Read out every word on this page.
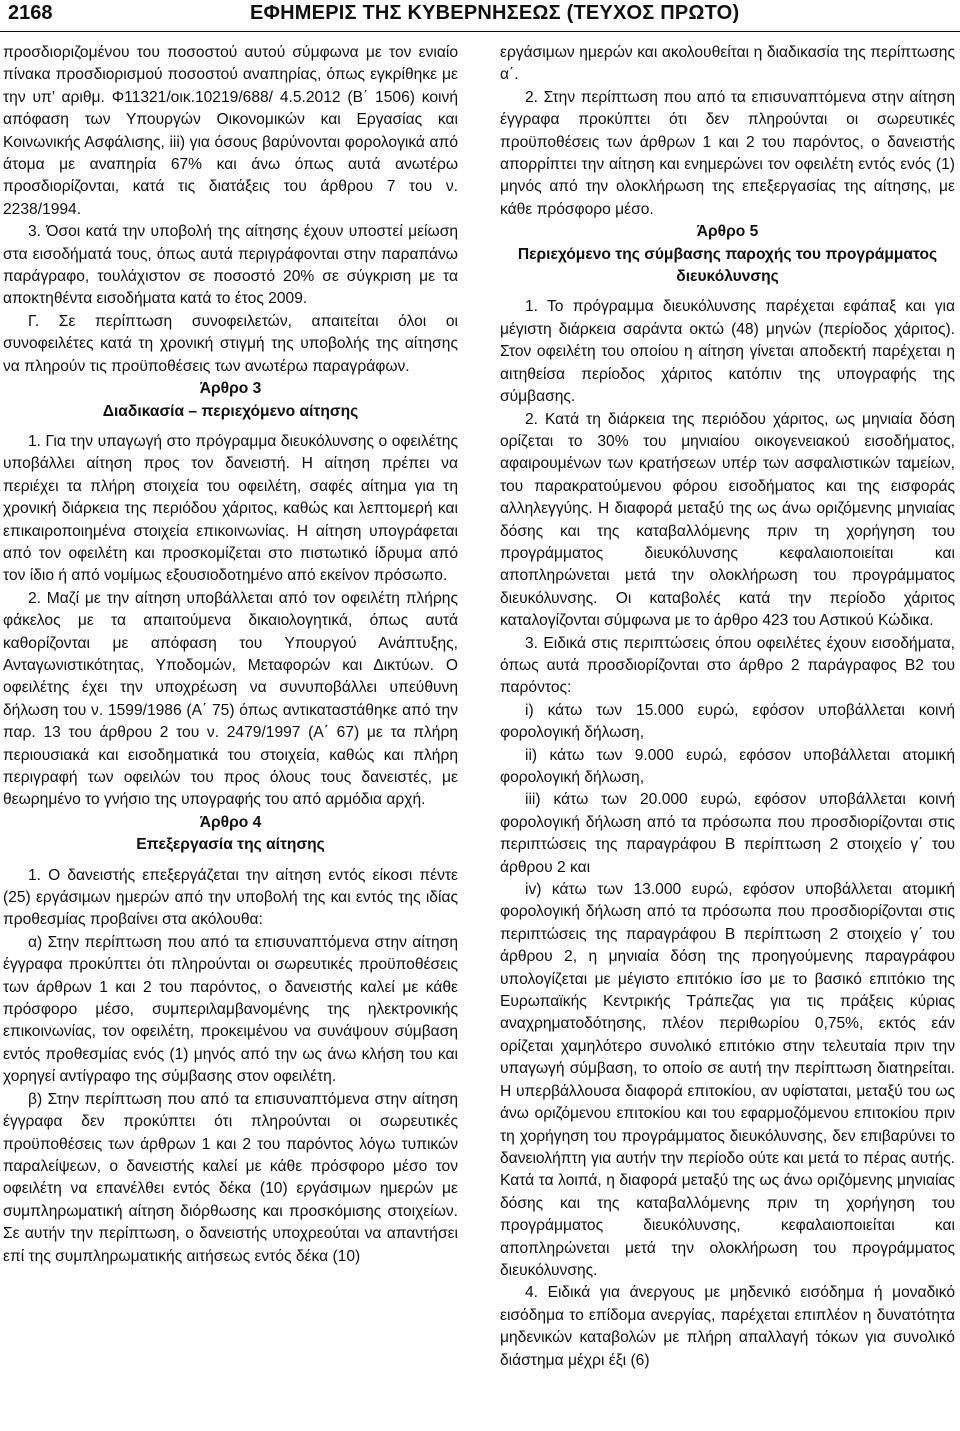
2168	ΕΦΗΜΕΡΙΣ ΤΗΣ ΚΥΒΕΡΝΗΣΕΩΣ (ΤΕΥΧΟΣ ΠΡΩΤΟ)

προσδιοριζομένου του ποσοστού αυτού σύμφωνα με τον ενιαίο πίνακα προσδιορισμού ποσοστού αναπηρίας, όπως εγκρίθηκε με την υπ’ αριθμ. Φ11321/οικ.10219/688/ 4.5.2012 (Β΄ 1506) κοινή απόφαση των Υπουργών Οικονομικών και Εργασίας και Κοινωνικής Ασφάλισης, iii) για όσους βαρύνονται φορολογικά από άτομα με αναπηρία 67% και άνω όπως αυτά ανωτέρω προσδιορίζονται, κατά τις διατάξεις του άρθρου 7 του ν. 2238/1994.

3. Όσοι κατά την υποβολή της αίτησης έχουν υποστεί μείωση στα εισοδήματά τους, όπως αυτά περιγράφονται στην παραπάνω παράγραφο, τουλάχιστον σε ποσοστό 20% σε σύγκριση με τα αποκτηθέντα εισοδήματα κατά το έτος 2009.

Γ. Σε περίπτωση συνοφειλετών, απαιτείται όλοι οι συνοφειλέτες κατά τη χρονική στιγμή της υποβολής της αίτησης να πληρούν τις προϋποθέσεις των ανωτέρω παραγράφων.

Άρθρο 3

Διαδικασία – περιεχόμενο αίτησης

1. Για την υπαγωγή στο πρόγραμμα διευκόλυνσης ο οφειλέτης υποβάλλει αίτηση προς τον δανειστή. Η αίτηση πρέπει να περιέχει τα πλήρη στοιχεία του οφειλέτη, σαφές αίτημα για τη χρονική διάρκεια της περιόδου χάριτος, καθώς και λεπτομερή και επικαιροποιημένα στοιχεία επικοινωνίας. Η αίτηση υπογράφεται από τον οφειλέτη και προσκομίζεται στο πιστωτικό ίδρυμα από τον ίδιο ή από νομίμως εξουσιοδοτημένο από εκείνον πρόσωπο.

2. Μαζί με την αίτηση υποβάλλεται από τον οφειλέτη πλήρης φάκελος με τα απαιτούμενα δικαιολογητικά, όπως αυτά καθορίζονται με απόφαση του Υπουργού Ανάπτυξης, Ανταγωνιστικότητας, Υποδομών, Μεταφορών και Δικτύων. Ο οφειλέτης έχει την υποχρέωση να συνυποβάλλει υπεύθυνη δήλωση του ν. 1599/1986 (Α΄ 75) όπως αντικαταστάθηκε από την παρ. 13 του άρθρου 2 του ν. 2479/1997 (Α΄ 67) με τα πλήρη περιουσιακά και εισοδηματικά του στοιχεία, καθώς και πλήρη περιγραφή των οφειλών του προς όλους τους δανειστές, με θεωρημένο το γνήσιο της υπογραφής του από αρμόδια αρχή.

Άρθρο 4

Επεξεργασία της αίτησης

1. Ο δανειστής επεξεργάζεται την αίτηση εντός είκοσι πέντε (25) εργάσιμων ημερών από την υποβολή της και εντός της ιδίας προθεσμίας προβαίνει στα ακόλουθα:

α) Στην περίπτωση που από τα επισυναπτόμενα στην αίτηση έγγραφα προκύπτει ότι πληρούνται οι σωρευτικές προϋποθέσεις των άρθρων 1 και 2 του παρόντος, ο δανειστής καλεί με κάθε πρόσφορο μέσο, συμπεριλαμβανομένης της ηλεκτρονικής επικοινωνίας, τον οφειλέτη, προκειμένου να συνάψουν σύμβαση εντός προθεσμίας ενός (1) μηνός από την ως άνω κλήση του και χορηγεί αντίγραφο της σύμβασης στον οφειλέτη.

β) Στην περίπτωση που από τα επισυναπτόμενα στην αίτηση έγγραφα δεν προκύπτει ότι πληρούνται οι σωρευτικές προϋποθέσεις των άρθρων 1 και 2 του παρόντος λόγω τυπικών παραλείψεων, ο δανειστής καλεί με κάθε πρόσφορο μέσο τον οφειλέτη να επανέλθει εντός δέκα (10) εργάσιμων ημερών με συμπληρωματική αίτηση διόρθωσης και προσκόμισης στοιχείων. Σε αυτήν την περίπτωση, ο δανειστής υποχρεούται να απαντήσει επί της συμπληρωματικής αιτήσεως εντός δέκα (10)

εργάσιμων ημερών και ακολουθείται η διαδικασία της περίπτωσης α΄.

2. Στην περίπτωση που από τα επισυναπτόμενα στην αίτηση έγγραφα προκύπτει ότι δεν πληρούνται οι σωρευτικές προϋποθέσεις των άρθρων 1 και 2 του παρόντος, ο δανειστής απορρίπτει την αίτηση και ενημερώνει τον οφειλέτη εντός ενός (1) μηνός από την ολοκλήρωση της επεξεργασίας της αίτησης, με κάθε πρόσφορο μέσο.

Άρθρο 5

Περιεχόμενο της σύμβασης παροχής του προγράμματος διευκόλυνσης

1. Το πρόγραμμα διευκόλυνσης παρέχεται εφάπαξ και για μέγιστη διάρκεια σαράντα οκτώ (48) μηνών (περίοδος χάριτος). Στον οφειλέτη του οποίου η αίτηση γίνεται αποδεκτή παρέχεται η αιτηθείσα περίοδος χάριτος κατόπιν της υπογραφής της σύμβασης.

2. Κατά τη διάρκεια της περιόδου χάριτος, ως μηνιαία δόση ορίζεται το 30% του μηνιαίου οικογενειακού εισοδήματος, αφαιρουμένων των κρατήσεων υπέρ των ασφαλιστικών ταμείων, του παρακρατούμενου φόρου εισοδήματος και της εισφοράς αλληλεγγύης. Η διαφορά μεταξύ της ως άνω οριζόμενης μηνιαίας δόσης και της καταβαλλόμενης πριν τη χορήγηση του προγράμματος διευκόλυνσης κεφαλαιοποιείται και αποπληρώνεται μετά την ολοκλήρωση του προγράμματος διευκόλυνσης. Οι καταβολές κατά την περίοδο χάριτος καταλογίζονται σύμφωνα με το άρθρο 423 του Αστικού Κώδικα.

3. Ειδικά στις περιπτώσεις όπου οφειλέτες έχουν εισοδήματα, όπως αυτά προσδιορίζονται στο άρθρο 2 παράγραφος Β2 του παρόντος:

i) κάτω των 15.000 ευρώ, εφόσον υποβάλλεται κοινή φορολογική δήλωση,

ii) κάτω των 9.000 ευρώ, εφόσον υποβάλλεται ατομική φορολογική δήλωση,

iii) κάτω των 20.000 ευρώ, εφόσον υποβάλλεται κοινή φορολογική δήλωση από τα πρόσωπα που προσδιορίζονται στις περιπτώσεις της παραγράφου Β περίπτωση 2 στοιχείο γ΄ του άρθρου 2 και

iv) κάτω των 13.000 ευρώ, εφόσον υποβάλλεται ατομική φορολογική δήλωση από τα πρόσωπα που προσδιορίζονται στις περιπτώσεις της παραγράφου Β περίπτωση 2 στοιχείο γ΄ του άρθρου 2, η μηνιαία δόση της προηγούμενης παραγράφου υπολογίζεται με μέγιστο επιτόκιο ίσο με το βασικό επιτόκιο της Ευρωπαϊκής Κεντρικής Τράπεζας για τις πράξεις κύριας αναχρηματοδότησης, πλέον περιθωρίου 0,75%, εκτός εάν ορίζεται χαμηλότερο συνολικό επιτόκιο στην τελευταία πριν την υπαγωγή σύμβαση, το οποίο σε αυτή την περίπτωση διατηρείται. Η υπερβάλλουσα διαφορά επιτοκίου, αν υφίσταται, μεταξύ του ως άνω οριζόμενου επιτοκίου και του εφαρμοζόμενου επιτοκίου πριν τη χορήγηση του προγράμματος διευκόλυνσης, δεν επιβαρύνει το δανειολήπτη για αυτήν την περίοδο ούτε και μετά το πέρας αυτής. Κατά τα λοιπά, η διαφορά μεταξύ της ως άνω οριζόμενης μηνιαίας δόσης και της καταβαλλόμενης πριν τη χορήγηση του προγράμματος διευκόλυνσης, κεφαλαιοποιείται και αποπληρώνεται μετά την ολοκλήρωση του προγράμματος διευκόλυνσης.

4. Ειδικά για άνεργους με μηδενικό εισόδημα ή μοναδικό εισόδημα το επίδομα ανεργίας, παρέχεται επιπλέον η δυνατότητα μηδενικών καταβολών με πλήρη απαλλαγή τόκων για συνολικό διάστημα μέχρι έξι (6)
